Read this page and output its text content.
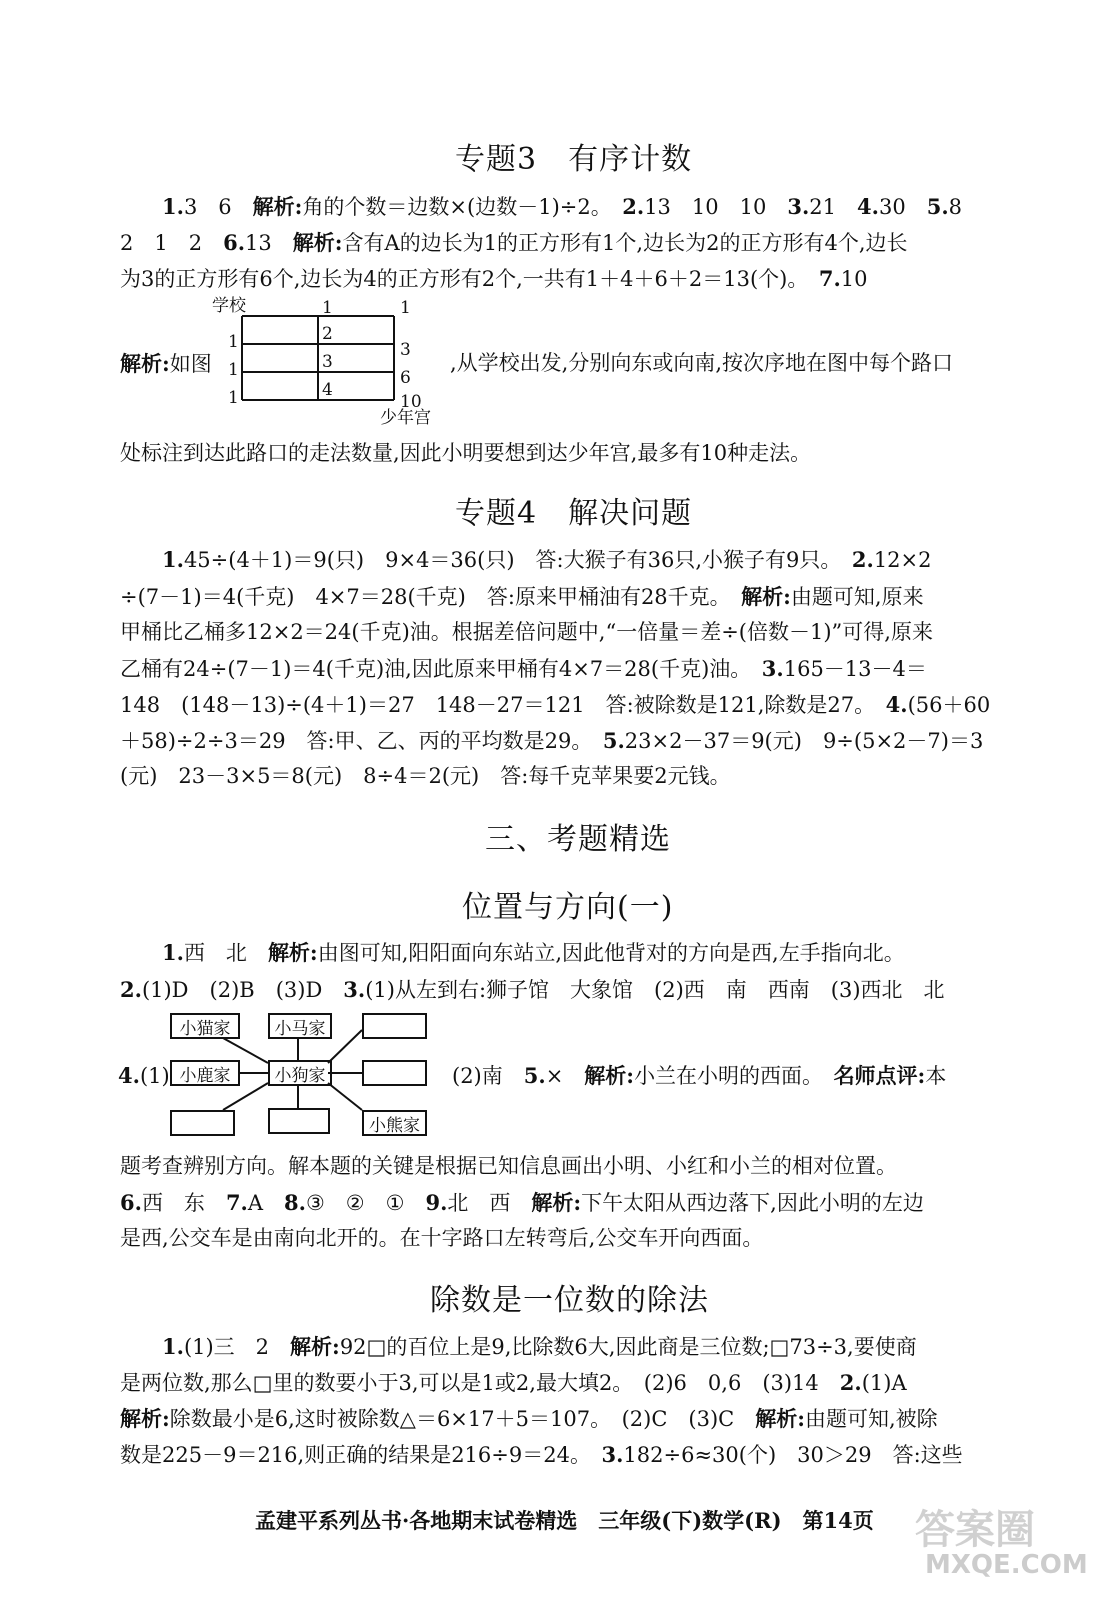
专题3　有序计数
1.3　6　解析:角的个数＝边数×(边数－1)÷2。　2.13　10　10　3.21　4.30　5.8
2　1　2　6.13　解析:含有A的边长为1的正方形有1个,边长为2的正方形有4个,边长
为3的正方形有6个,边长为4的正方形有2个,一共有1＋4＋6＋2＝13(个)。　7.10
解析:如图
学校	1	1
1
1
1
2
3
4
3
6
10
少年宫
,从学校出发,分别向东或向南,按次序地在图中每个路口
处标注到达此路口的走法数量,因此小明要想到达少年宫,最多有10种走法。
专题4　解决问题
1.45÷(4＋1)＝9(只)　9×4＝36(只)　答:大猴子有36只,小猴子有9只。　2.12×2
÷(7－1)＝4(千克)　4×7＝28(千克)　答:原来甲桶油有28千克。　解析:由题可知,原来
甲桶比乙桶多12×2＝24(千克)油。根据差倍问题中,“一倍量＝差÷(倍数－1)”可得,原来
乙桶有24÷(7－1)＝4(千克)油,因此原来甲桶有4×7＝28(千克)油。　3.165－13－4＝
148　(148－13)÷(4＋1)＝27　148－27＝121　答:被除数是121,除数是27。　4.(56＋60
＋58)÷2÷3＝29　答:甲、乙、丙的平均数是29。　5.23×2－37＝9(元)　9÷(5×2－7)＝3
(元)　23－3×5＝8(元)　8÷4＝2(元)　答:每千克苹果要2元钱。
三、考题精选
位置与方向(一)
1.西　北　解析:由图可知,阳阳面向东站立,因此他背对的方向是西,左手指向北。
2.(1)D　(2)B　(3)D　3.(1)从左到右:狮子馆　大象馆　(2)西　南　西南　(3)西北　北
4.(1)
小猫家	小马家
小鹿家	小狗家
小熊家
(2)南　5.×　解析:小兰在小明的西面。　名师点评:本
题考查辨别方向。解本题的关键是根据已知信息画出小明、小红和小兰的相对位置。
6.西　东　7.A　8.③　②　①　9.北　西　解析:下午太阳从西边落下,因此小明的左边
是西,公交车是由南向北开的。在十字路口左转弯后,公交车开向西面。
除数是一位数的除法
1.(1)三　2　解析:92□的百位上是9,比除数6大,因此商是三位数;□73÷3,要使商
是两位数,那么□里的数要小于3,可以是1或2,最大填2。　(2)6　0,6　(3)14　2.(1)A
解析:除数最小是6,这时被除数△＝6×17＋5＝107。　(2)C　(3)C　解析:由题可知,被除
数是225－9＝216,则正确的结果是216÷9＝24。　3.182÷6≈30(个)　30＞29　答:这些
孟建平系列丛书·各地期末试卷精选　三年级(下)数学(R)　第14页 答案圈
MXQE.COM
